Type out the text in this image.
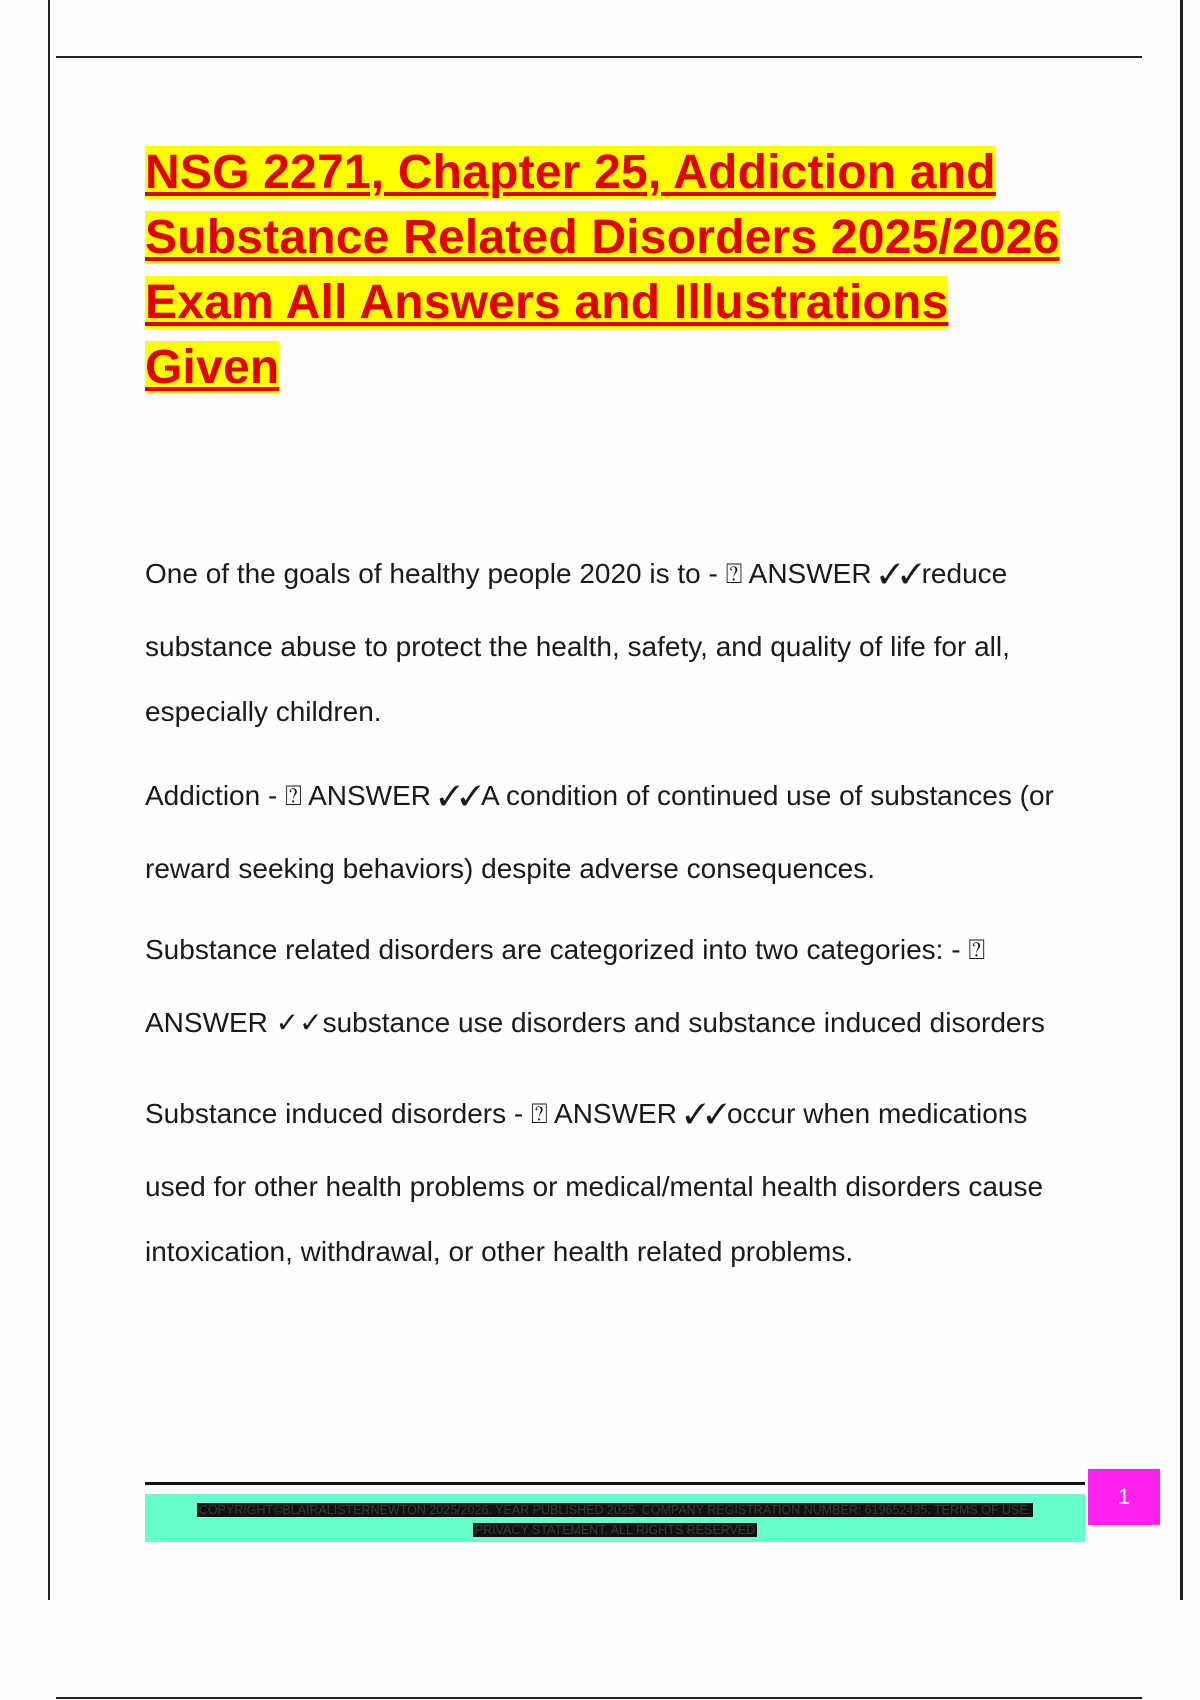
NSG 2271, Chapter 25, Addiction and
Substance Related Disorders 2025/2026
Exam All Answers and Illustrations
Given
One of the goals of healthy people 2020 is to - ⍰ ANSWER ✓✓reduce
substance abuse to protect the health, safety, and quality of life for all,
especially children.
Addiction - ⍰ ANSWER ✓✓A condition of continued use of substances (or
reward seeking behaviors) despite adverse consequences.
Substance related disorders are categorized into two categories: - ⍰
ANSWER ✓✓substance use disorders and substance induced disorders
Substance induced disorders - ⍰ ANSWER ✓✓occur when medications
used for other health problems or medical/mental health disorders cause
intoxication, withdrawal, or other health related problems.
COPYRIGHT©BLAIRALISTERNEWTON 2025/2026. YEAR PUBLISHED 2025. COMPANY REGISTRATION NUMBER: 619652435. TERMS OF USE.
PRIVACY STATEMENT. ALL RIGHTS RESERVED
1
